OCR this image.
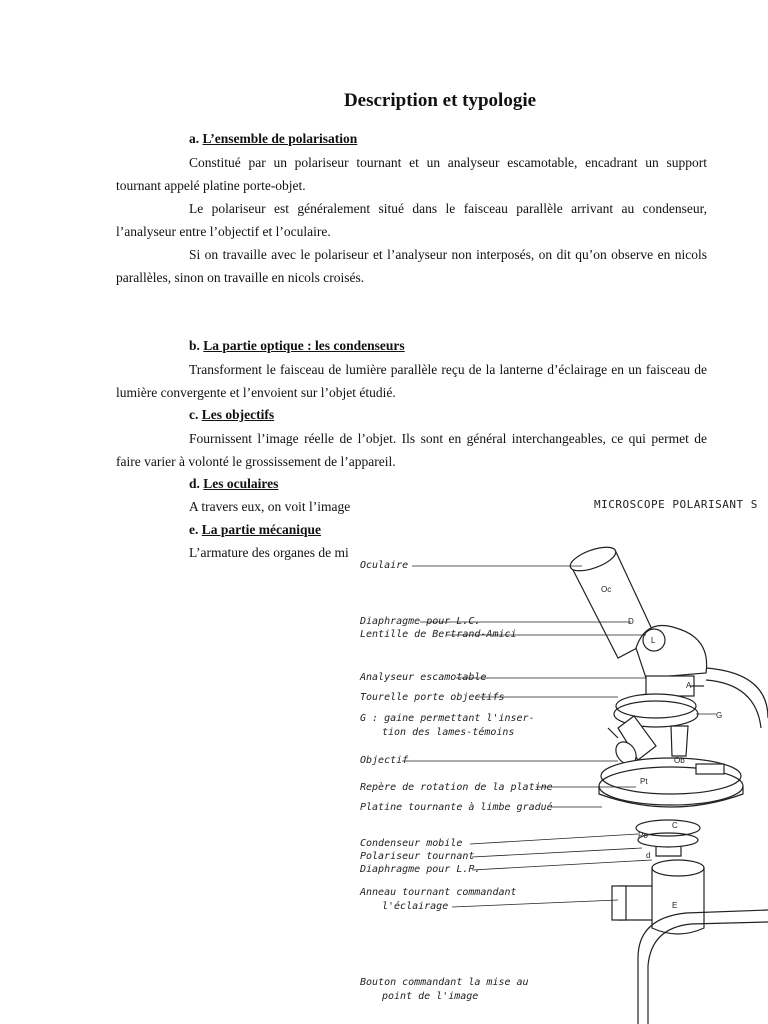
Description et typologie
a. L’ensemble de polarisation

Constitué par un polariseur tournant et un analyseur escamotable, encadrant un support tournant appelé platine porte-objet.

Le polariseur est généralement situé dans le faisceau parallèle arrivant au condenseur, l’analyseur entre l’objectif et l’oculaire.

Si on travaille avec le polariseur et l’analyseur non interposés, on dit qu’on observe en nicols parallèles, sinon on travaille en nicols croisés.

b. La partie optique : les condenseurs

Transforment le faisceau de lumière parallèle reçu de la lanterne d’éclairage en un faisceau de lumière convergente et l’envoient sur l’objet étudié.

c. Les objectifs

Fournissent l’image réelle de l’objet. Ils sont en général interchangeables, ce qui permet de faire varier à volonté le grossissement de l’appareil.

d. Les oculaires
A travers eux, on voit l’image
e. La partie mécanique
L’armature des organes de mi
MICROSCOPE POLARISANT S
Oculaire
Diaphragme pour L.C.
Lentille de Bertrand-Amici
Analyseur escamotable
Tourelle porte objectifs
G : gaine permettant l'inser-
tion des lames-témoins
Objectif
Repère de rotation de la platine
Platine tournante à limbe gradué
Condenseur mobile
Polariseur tournant
Diaphragme pour L.P.
Anneau tournant commandant
l'éclairage
Bouton commandant la mise au
point de l'image
Oc
D
L
A
G
Ob
Pt
Po
C
d
E
